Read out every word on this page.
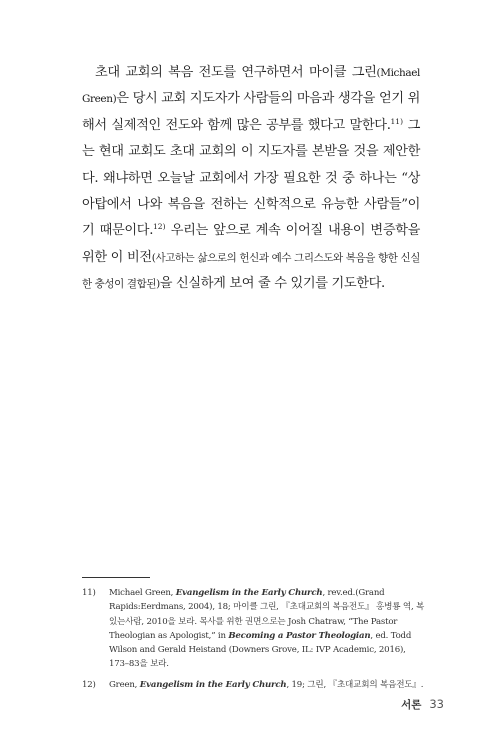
초대 교회의 복음 전도를 연구하면서 마이클 그린(Michael Green)은 당시 교회 지도자가 사람들의 마음과 생각을 얻기 위해서 실제적인 전도와 함께 많은 공부를 했다고 말한다.$^{11)}$ 그는 현대 교회도 초대 교회의 이 지도자를 본받을 것을 제안한다. 왜냐하면 오늘날 교회에서 가장 필요한 것 중 하나는 “상아탑에서 나와 복음을 전하는 신학적으로 유능한 사람들”이기 때문이다.$^{12)}$ 우리는 앞으로 계속 이어질 내용이 변증학을 위한 이 비전(사고하는 삶으로의 헌신과 예수 그리스도와 복음을 향한 신실한 충성이 결합된)을 신실하게 보여 줄 수 있기를 기도한다.

11) Michael Green, Evangelism in the Early Church, rev.ed.(Grand Rapids:Eerdmans, 2004), 18; 마이클 그린, 『초대교회의 복음전도』 홍병룡 역, 복있는사람, 2010을 보라. 목사를 위한 권면으로는 Josh Chatraw, “The Pastor Theologian as Apologist,” in Becoming a Pastor Theologian, ed. Todd Wilson and Gerald Heistand (Downers Grove, IL: IVP Academic, 2016), 173–83을 보라.
12) Green, Evangelism in the Early Church, 19; 그린, 『초대교회의 복음전도』.
서론 33
